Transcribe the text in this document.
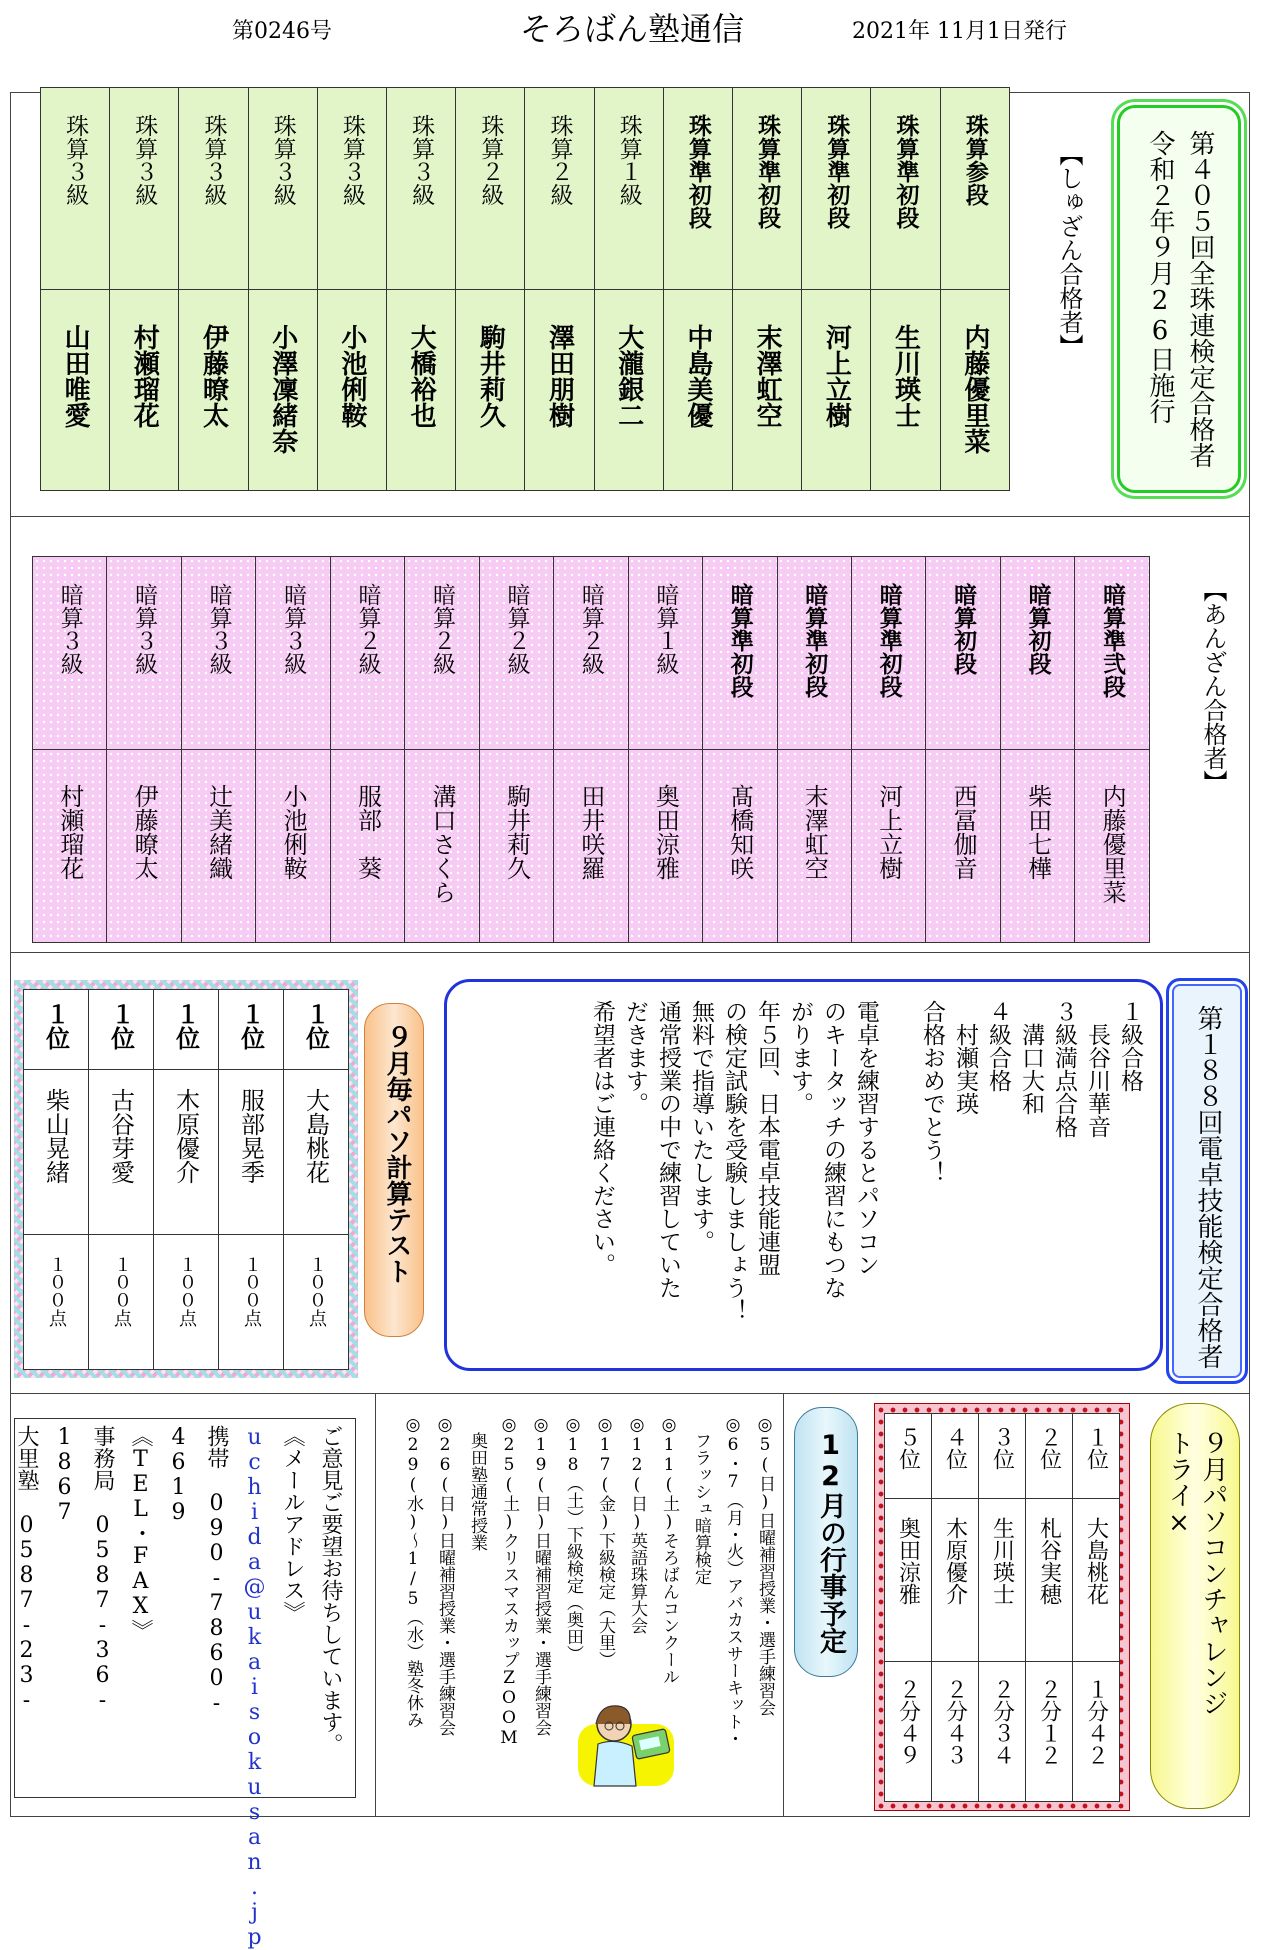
第0246号	そろばん塾通信	2021年 11月1日発行
珠算３級	珠算３級	珠算３級	珠算３級	珠算３級	珠算３級	珠算２級	珠算２級	珠算１級	珠算準初段	珠算準初段	珠算準初段	珠算準初段	珠算参段

山田唯愛	村瀬瑠花	伊藤暸太	小澤凜緒奈	小池俐鞍	大橋裕也	駒井莉久	澤田朋樹	大瀧銀二	中島美優	末澤虹空	河上立樹	生川瑛士	内藤優里菜
【しゅざん合格者】	第４０５回全珠連検定合格者
令和２年９月26日施行
暗算３級	暗算３級	暗算３級	暗算３級	暗算２級	暗算２級	暗算２級	暗算２級	暗算１級	暗算準初段	暗算準初段	暗算準初段	暗算初段	暗算初段	暗算準弐段

村瀬瑠花	伊藤暸太	辻美緒織	小池俐鞍	服部　葵	溝口さくら	駒井莉久	田井咲羅	奥田涼雅	髙橋知咲	末澤虹空	河上立樹	西冨伽音	柴田七樺	内藤優里菜
【あんざん合格者】
１位	１位	１位	１位	１位

柴山晃緒	古谷芽愛	木原優介	服部晃季	大島桃花

１００点	１００点	１００点	１００点	１００点
９月毎パソ計算テスト	１級合格
　長谷川華音
３級満点合格
　溝口大和
４級合格
　村瀬実瑛
合格おめでとう！

電卓を練習するとパソコン
のキータッチの練習にもつな
がります。
年５回、日本電卓技能連盟
の検定試験を受験しましょう！
無料で指導いたします。
通常授業の中で練習していた
だきます。
希望者はご連絡ください。	第１８８回電卓技能検定合格者
ご意見ご要望お待ちしています。
《メールアドレス》
uchida@ukaisokusan.jp
携帯　090-7860-4619
《TEL・FAX》
事務局　0587-36-1867
大里塾　0587-23-	◎5(日)日曜補習授業・選手練習会
◎6・7（月・火）アバカスサーキット・
　フラッシュ暗算検定
◎11(土)そろばんコンクール
◎12(日)英語珠算大会
◎17(金)下級検定（大里）
◎18（土）下級検定（奥田）
◎19(日)日曜補習授業・選手練習会
◎25(土)クリスマスカップZOOM
　奥田塾通常授業
◎26(日)日曜補習授業・選手練習会
◎29(水)～1/5（水）塾冬休み	12月の行事予定 ５位	４位	３位	２位	１位

奥田涼雅	木原優介	生川瑛士	札谷実穂	大島桃花

２分４９	２分４３	２分３４	２分１２	１分４２
９月パソコンチャレンジ
トライ×
